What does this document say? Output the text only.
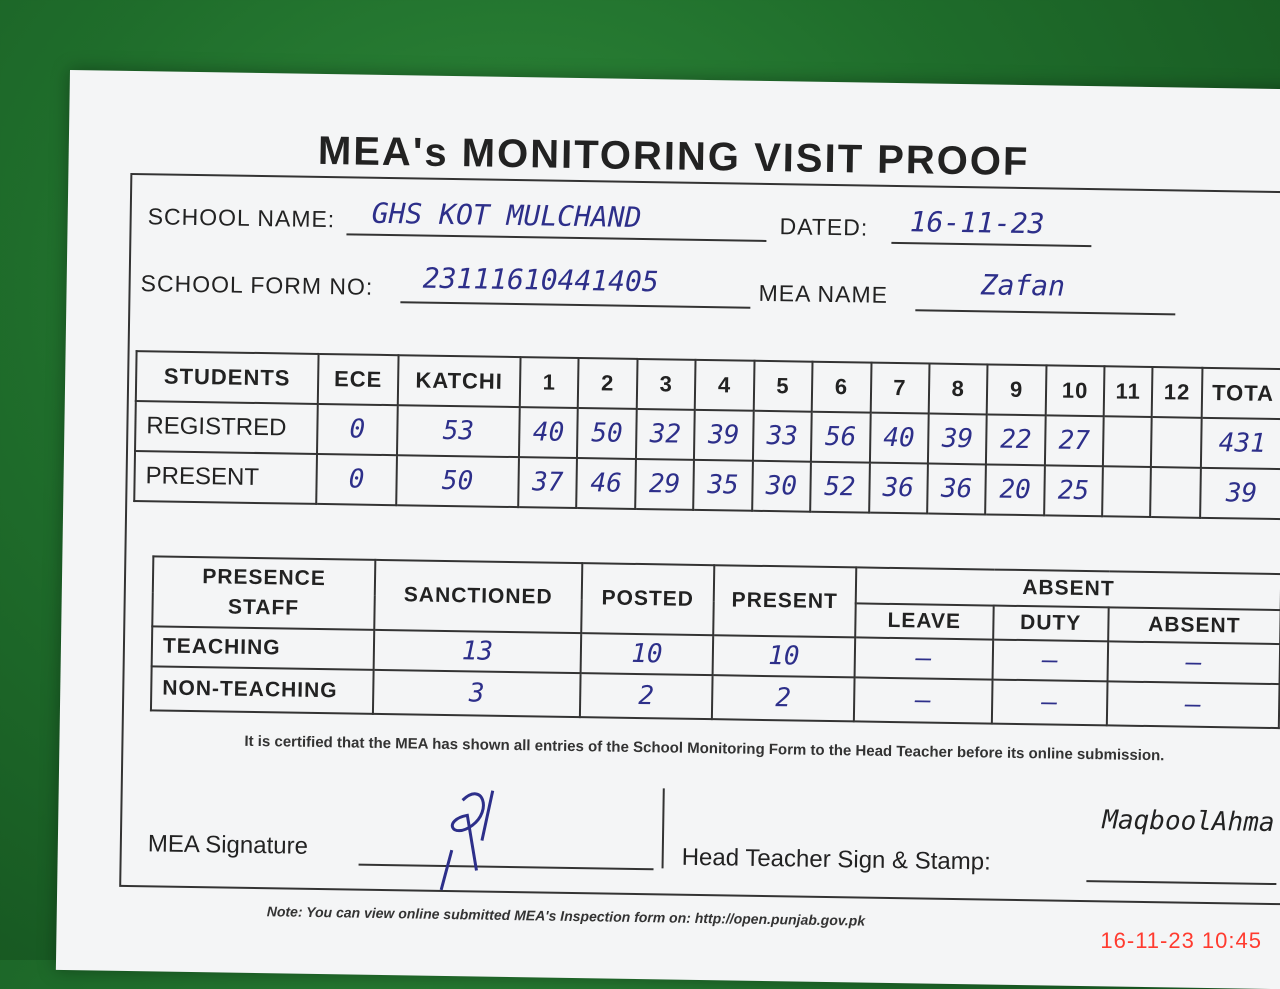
MEA's MONITORING VISIT PROOF
SCHOOL NAME: GHS KOT MULCHAND	DATED: 16-11-23
SCHOOL FORM NO: 23111610441405	MEA NAME	Zafan
STUDENTS	ECE	KATCHI	1	2	3	4	5	6	7	8	9	10	11	12	TOTA
REGISTRED	0	53	40	50	32	39	33	56	40	39	22	27			431
PRESENT	0	50	37	46	29	35	30	52	36	36	20	25			39
PRESENCE
STAFF	SANCTIONED	POSTED	PRESENT	ABSENT		
				LEAVE	DUTY	ABSENT
TEACHING	13	10	10	—	—	—
NON-TEACHING	3	2	2	—	—	—
MEA Signature	Head Teacher Sign & Stamp:
MaqboolAhma
It is certified that the MEA has shown all entries of the School Monitoring Form to the Head Teacher before its online submission.
Note: You can view online submitted MEA's Inspection form on: http://open.punjab.gov.pk
16-11-23 10:45
